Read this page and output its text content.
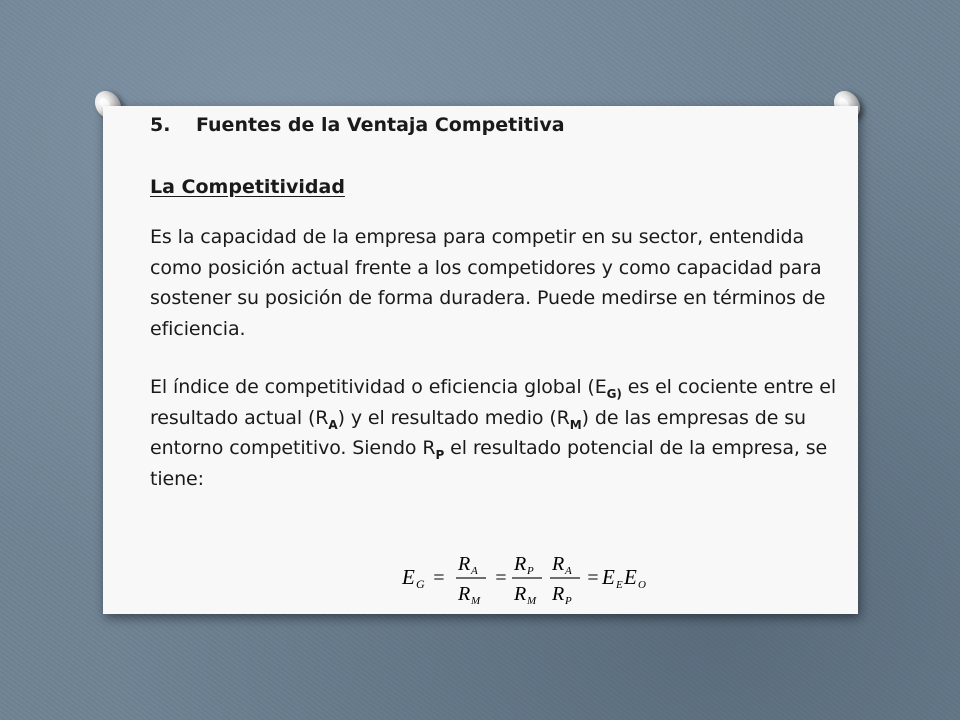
5. Fuentes de la Ventaja Competitiva
La Competitividad

Es la capacidad de la empresa para competir en su sector, entendida como posición actual frente a los competidores y como capacidad para sostener su posición de forma duradera. Puede medirse en términos de eficiencia.

El índice de competitividad o eficiencia global ($E_{G)}$ es el cociente entre el resultado actual $(R_A)$ y el resultado medio $(R_M)$ de las empresas de su entorno competitivo. Siendo $R_P$ el resultado potencial de la empresa, se tiene:

E G =
R A
R M
=
R P
R M
R A
R P
= E E E O
